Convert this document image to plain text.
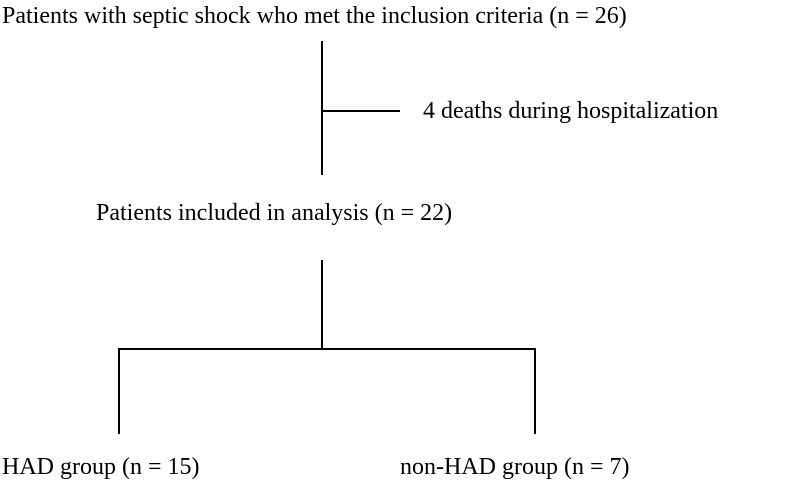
Patients with septic shock who met the inclusion criteria (n = 26)
4 deaths during hospitalization
Patients included in analysis (n = 22)
HAD group (n = 15)	non-HAD group (n = 7)
